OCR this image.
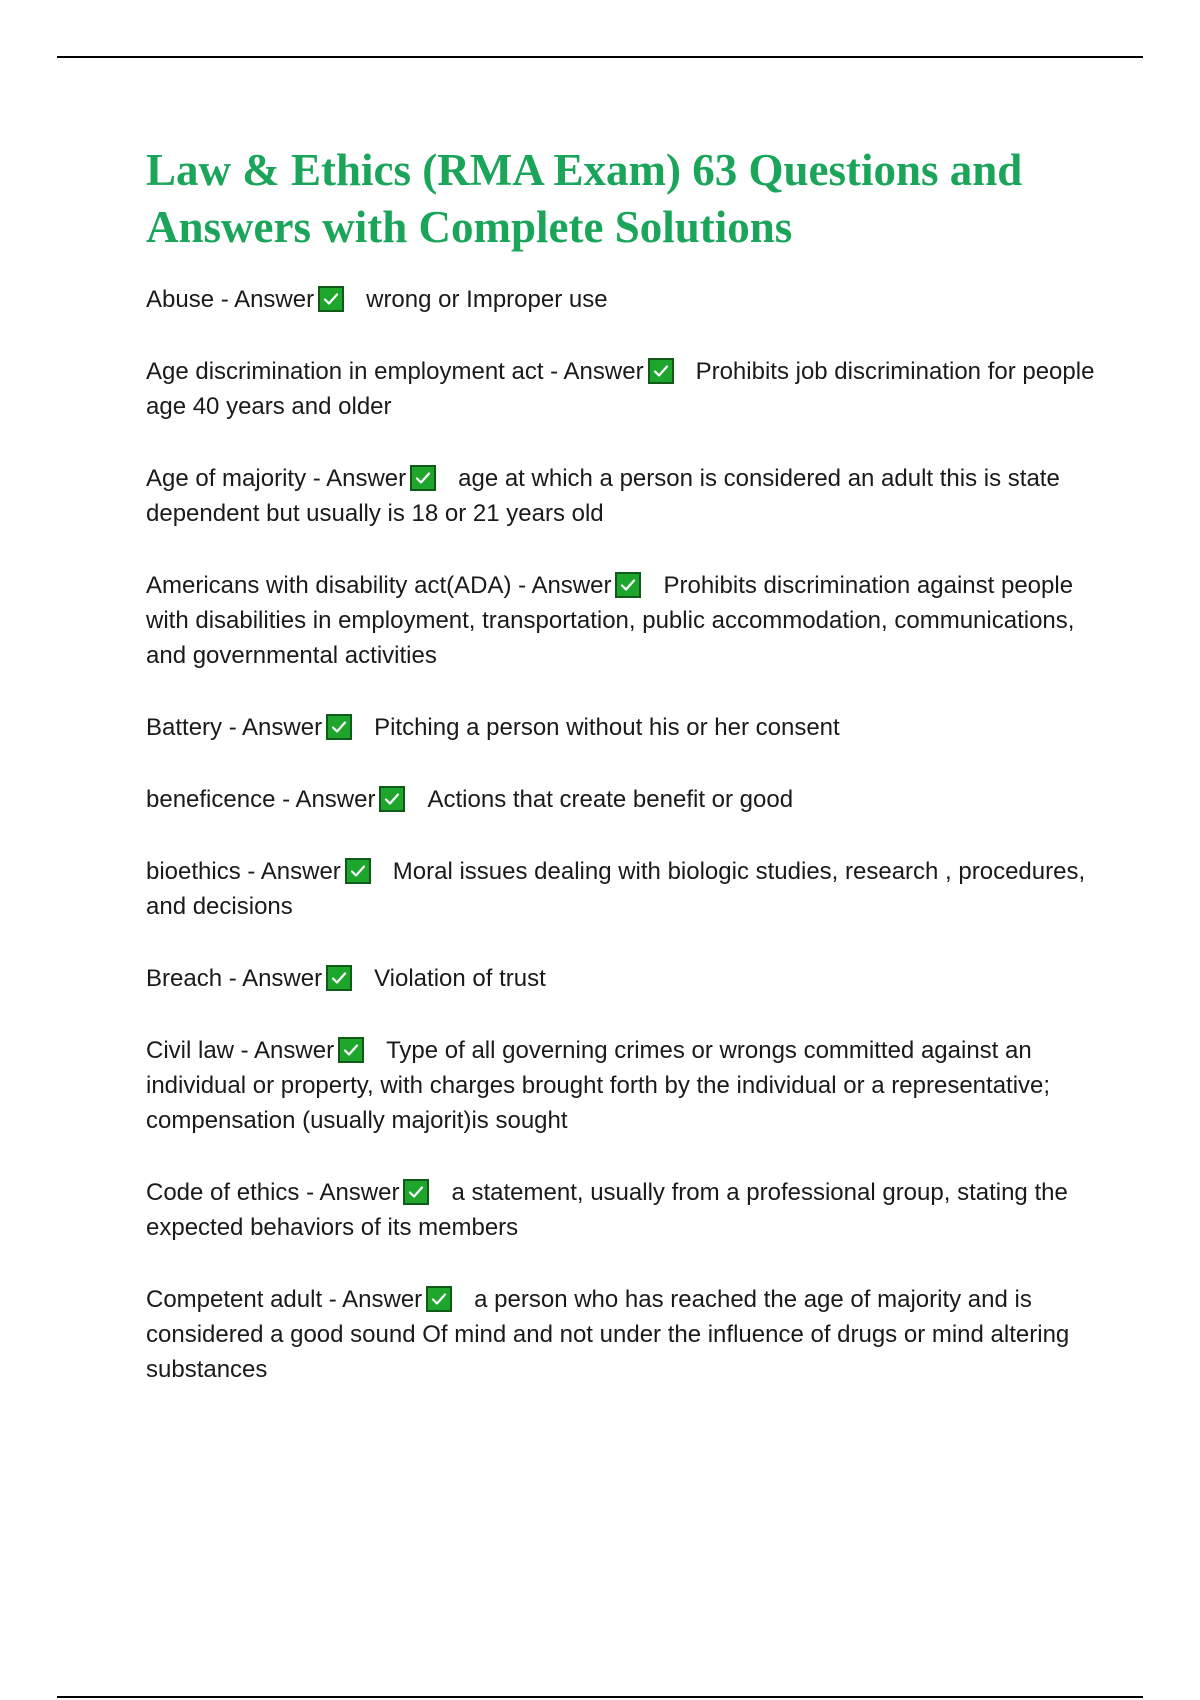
Law & Ethics (RMA Exam) 63 Questions and Answers with Complete Solutions
Abuse - Answer wrong or Improper use
Age discrimination in employment act - Answer Prohibits job discrimination for people age 40 years and older
Age of majority - Answer age at which a person is considered an adult this is state dependent but usually is 18 or 21 years old
Americans with disability act(ADA) - Answer Prohibits discrimination against people with disabilities in employment, transportation, public accommodation, communications, and governmental activities
Battery - Answer Pitching a person without his or her consent
beneficence - Answer Actions that create benefit or good
bioethics - Answer Moral issues dealing with biologic studies, research , procedures, and decisions
Breach - Answer Violation of trust
Civil law - Answer Type of all governing crimes or wrongs committed against an individual or property, with charges brought forth by the individual or a representative; compensation (usually majorit)is sought
Code of ethics - Answer a statement, usually from a professional group, stating the expected behaviors of its members
Competent adult - Answer a person who has reached the age of majority and is considered a good sound Of mind and not under the influence of drugs or mind altering substances
